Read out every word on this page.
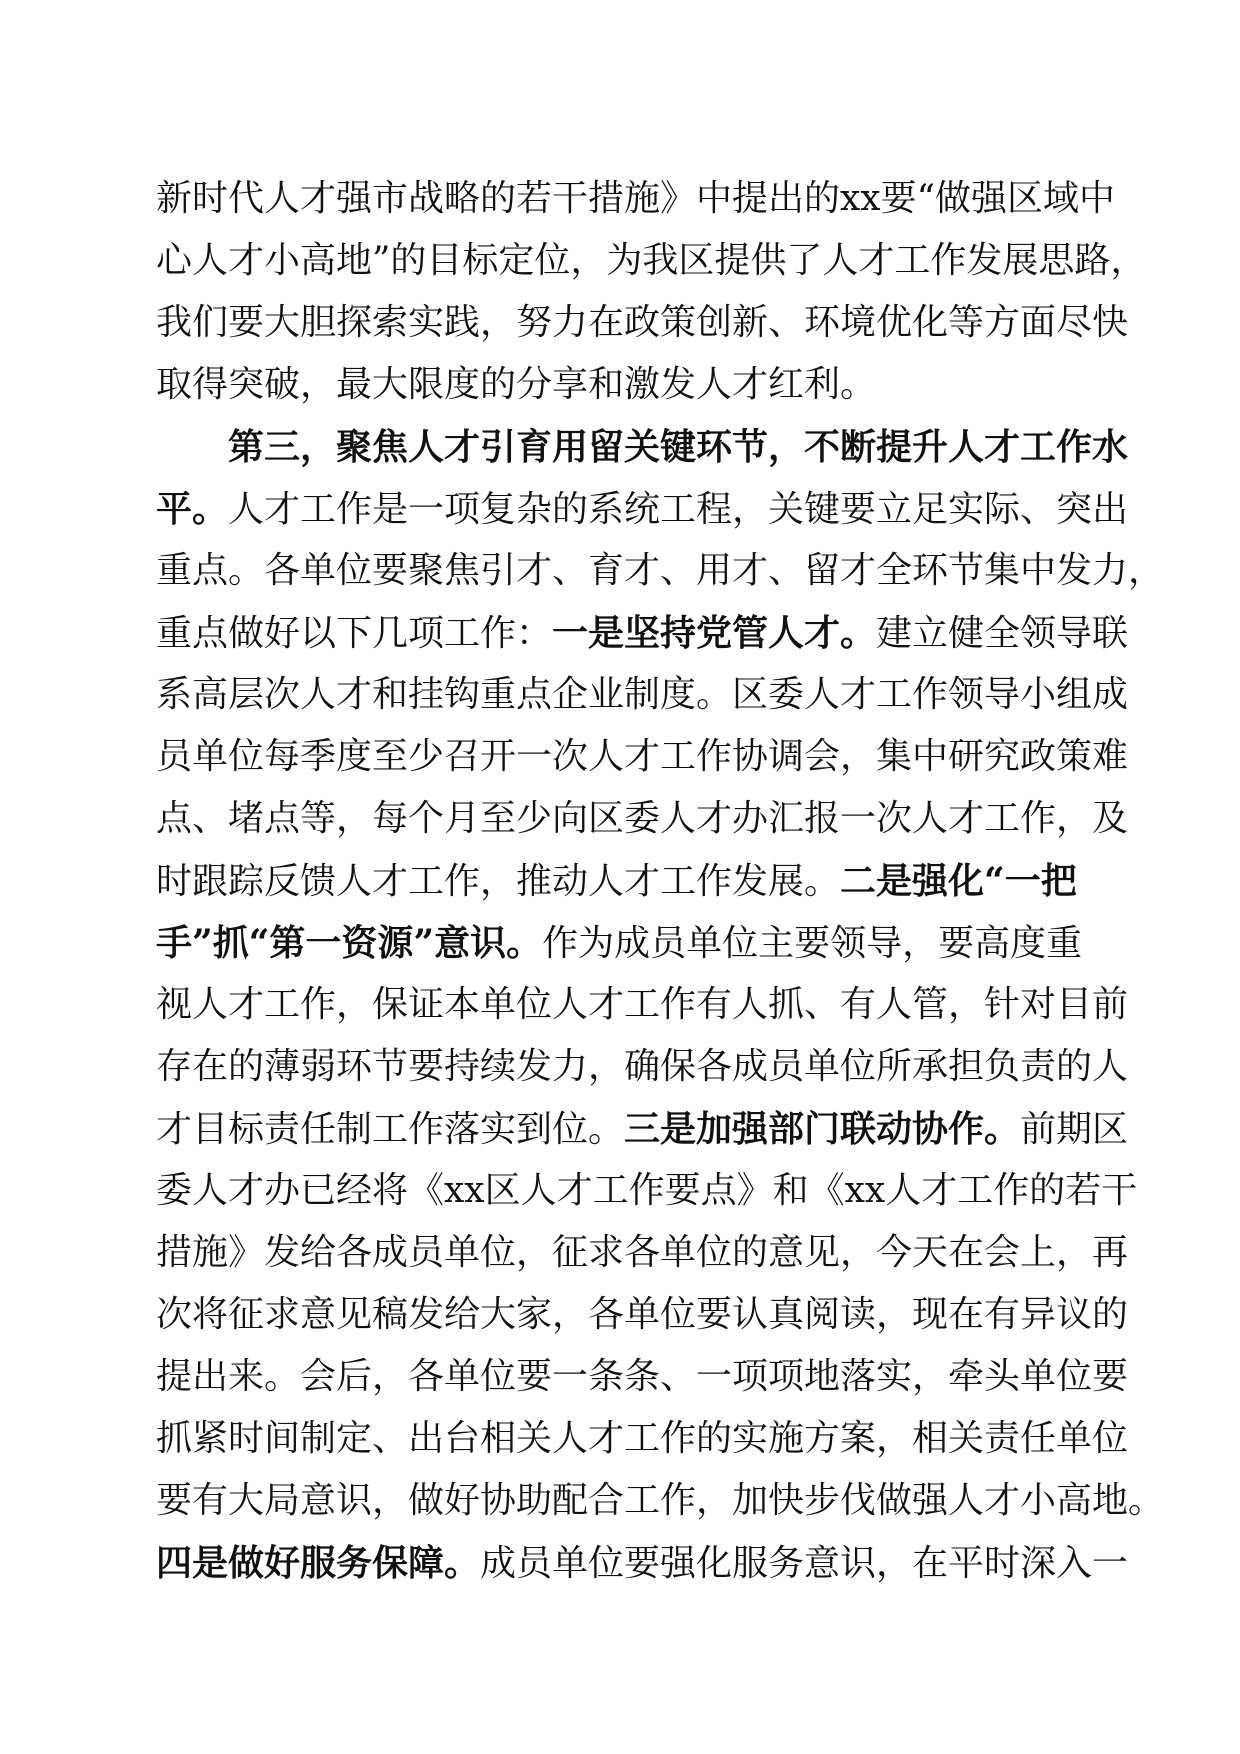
新时代人才强市战略的若干措施》中提出的xx要“做强区域中
心人才小高地”的目标定位，为我区提供了人才工作发展思路，
我们要大胆探索实践，努力在政策创新、环境优化等方面尽快
取得突破，最大限度的分享和激发人才红利。
第三，聚焦人才引育用留关键环节，不断提升人才工作水
平。人才工作是一项复杂的系统工程，关键要立足实际、突出
重点。各单位要聚焦引才、育才、用才、留才全环节集中发力，
重点做好以下几项工作：一是坚持党管人才。建立健全领导联
系高层次人才和挂钩重点企业制度。区委人才工作领导小组成
员单位每季度至少召开一次人才工作协调会，集中研究政策难
点、堵点等，每个月至少向区委人才办汇报一次人才工作，及
时跟踪反馈人才工作，推动人才工作发展。二是强化“一把
手”抓“第一资源”意识。作为成员单位主要领导，要高度重
视人才工作，保证本单位人才工作有人抓、有人管，针对目前
存在的薄弱环节要持续发力，确保各成员单位所承担负责的人
才目标责任制工作落实到位。三是加强部门联动协作。前期区
委人才办已经将《xx区人才工作要点》和《xx人才工作的若干
措施》发给各成员单位，征求各单位的意见，今天在会上，再
次将征求意见稿发给大家，各单位要认真阅读，现在有异议的
提出来。会后，各单位要一条条、一项项地落实，牵头单位要
抓紧时间制定、出台相关人才工作的实施方案，相关责任单位
要有大局意识，做好协助配合工作，加快步伐做强人才小高地。
四是做好服务保障。成员单位要强化服务意识，在平时深入一
